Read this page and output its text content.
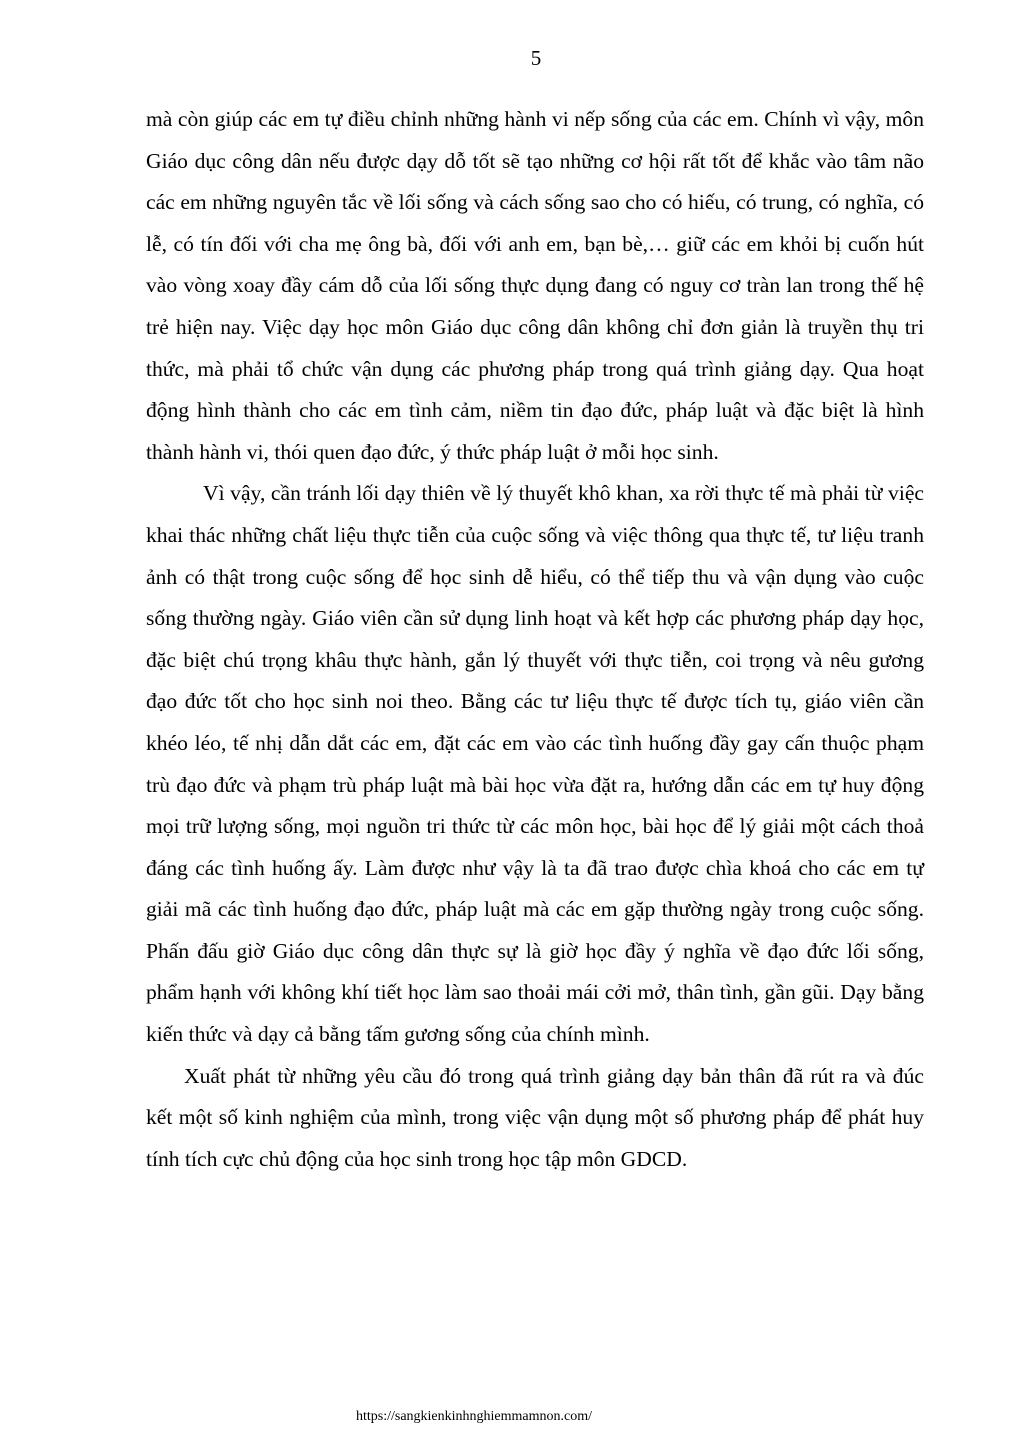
5

mà còn giúp các em tự điều chỉnh những hành vi nếp sống của các em. Chính vì vậy, môn Giáo dục công dân nếu được dạy dỗ tốt sẽ tạo những cơ hội rất tốt để khắc vào tâm não các em những nguyên tắc về lối sống và cách sống sao cho có hiếu, có trung, có nghĩa, có lễ, có tín đối với cha mẹ ông bà, đối với anh em, bạn bè,… giữ các em khỏi bị cuốn hút vào vòng xoay đầy cám dỗ của lối sống thực dụng đang có nguy cơ tràn lan trong thế hệ trẻ hiện nay. Việc dạy học môn Giáo dục công dân không chỉ đơn giản là truyền thụ tri thức, mà phải tổ chức vận dụng các phương pháp trong quá trình giảng dạy. Qua hoạt động hình thành cho các em tình cảm, niềm tin đạo đức, pháp luật và đặc biệt là hình thành hành vi, thói quen đạo đức, ý thức pháp luật ở mỗi học sinh.

Vì vậy, cần tránh lối dạy thiên về lý thuyết khô khan, xa rời thực tế mà phải từ việc khai thác những chất liệu thực tiễn của cuộc sống và việc thông qua thực tế, tư liệu tranh ảnh có thật trong cuộc sống để học sinh dễ hiểu, có thể tiếp thu và vận dụng vào cuộc sống thường ngày. Giáo viên cần sử dụng linh hoạt và kết hợp các phương pháp dạy học, đặc biệt chú trọng khâu thực hành, gắn lý thuyết với thực tiễn, coi trọng và nêu gương đạo đức tốt cho học sinh noi theo. Bằng các tư liệu thực tế được tích tụ, giáo viên cần khéo léo, tế nhị dẫn dắt các em, đặt các em vào các tình huống đầy gay cấn thuộc phạm trù đạo đức và phạm trù pháp luật mà bài học vừa đặt ra, hướng dẫn các em tự huy động mọi trữ lượng sống, mọi nguồn tri thức từ các môn học, bài học để lý giải một cách thoả đáng các tình huống ấy. Làm được như vậy là ta đã trao được chìa khoá cho các em tự giải mã các tình huống đạo đức, pháp luật mà các em gặp thường ngày trong cuộc sống. Phấn đấu giờ Giáo dục công dân thực sự là giờ học đầy ý nghĩa về đạo đức lối sống, phẩm hạnh với không khí tiết học làm sao thoải mái cởi mở, thân tình, gần gũi. Dạy bằng kiến thức và dạy cả bằng tấm gương sống của chính mình.

Xuất phát từ những yêu cầu đó trong quá trình giảng dạy bản thân đã rút ra và đúc kết một số kinh nghiệm của mình, trong việc vận dụng một số phương pháp để phát huy tính tích cực chủ động của học sinh trong học tập môn GDCD.

https://sangkienkinhnghiemmamnon.com/
